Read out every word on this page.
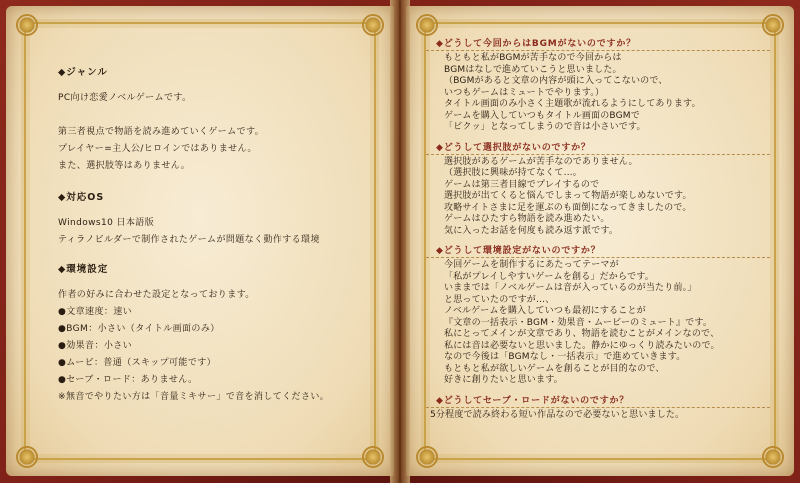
◆ジャンル

PC向け恋愛ノベルゲームです。

第三者視点で物語を読み進めていくゲームです。

プレイヤー=主人公/ヒロインではありません。

また、選択肢等はありません。

◆対応OS

Windows10 日本語版

ティラノビルダーで制作されたゲームが問題なく動作する環境

◆環境設定

作者の好みに合わせた設定となっております。

●文章速度：速い

●BGM：小さい（タイトル画面のみ）

●効果音：小さい

●ムービ：普通（スキップ可能です）

●セーブ・ロード：ありません。

※無音でやりたい方は「音量ミキサー」で音を消してください。

◆どうして今回からはBGMがないのですか？

もともと私がBGMが苦手なので今回からは

BGMはなしで進めていこうと思いました。

（BGMがあると文章の内容が頭に入ってこないので、

いつもゲームはミュートでやります。）

タイトル画面のみ小さく主題歌が流れるようにしてあります。

ゲームを購入していつもタイトル画面のBGMで

「ビクッ」となってしまうので音は小さいです。

◆どうして選択肢がないのですか？

選択肢があるゲームが苦手なのでありません。

（選択肢に興味が持てなくて…。

ゲームは第三者目線でプレイするので

選択肢が出てくると悩んでしまって物語が楽しめないです。

攻略サイトさまに足を運ぶのも面倒になってきましたので。

ゲームはひたすら物語を読み進めたい。

気に入ったお話を何度も読み返す派です。

◆どうして環境設定がないのですか？

今回ゲームを制作するにあたってテーマが

「私がプレイしやすいゲームを創る」だからです。

いままでは「ノベルゲームは音が入っているのが当たり前。」

と思っていたのですが…、

ノベルゲームを購入していつも最初にすることが

『文章の一括表示・BGM・効果音・ムービーのミュート』です。

私にとってメインが文章であり、物語を読むことがメインなので、

私には音は必要ないと思いました。静かにゆっくり読みたいので。

なので今後は「BGMなし・一括表示」で進めていきます。

もともと私が欲しいゲームを創ることが目的なので、

好きに創りたいと思います。

◆どうしてセーブ・ロードがないのですか？

5分程度で読み終わる短い作品なので必要ないと思いました。
